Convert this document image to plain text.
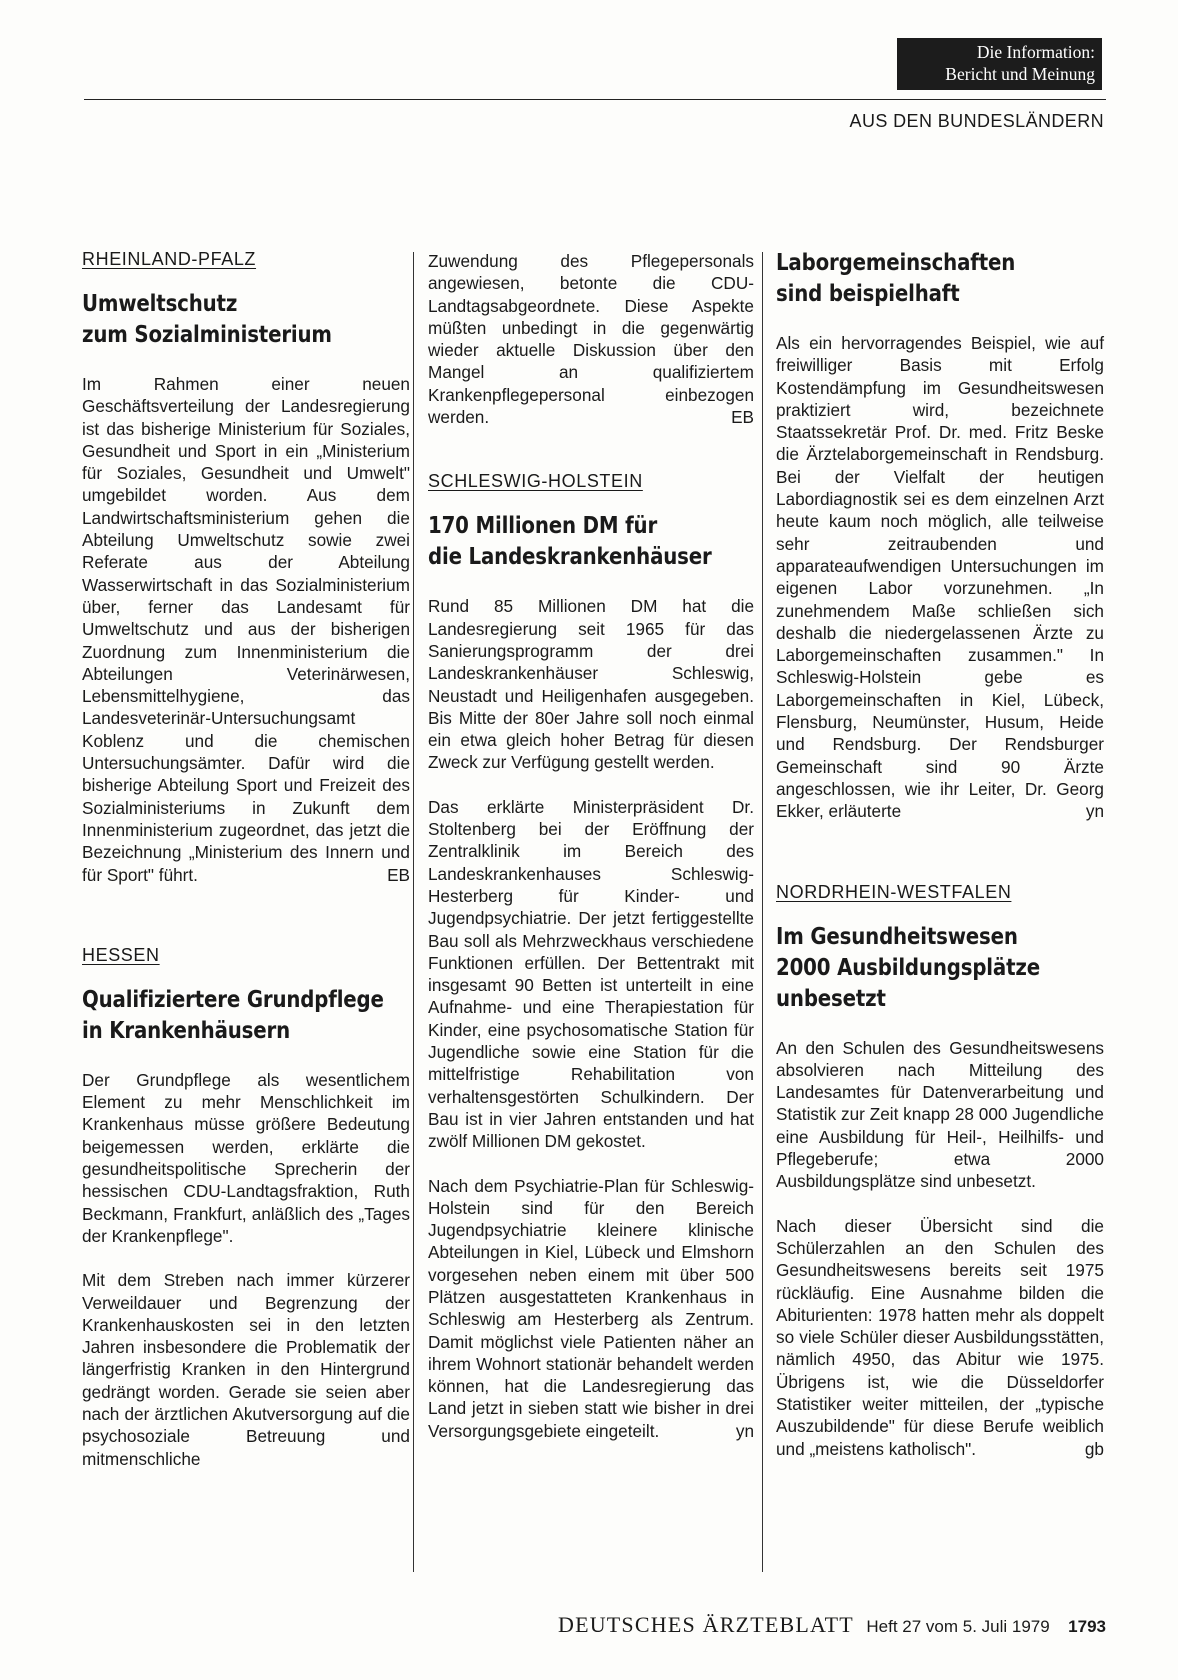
Die Information:
Bericht und Meinung
AUS DEN BUNDESLÄNDERN
RHEINLAND-PFALZ
Umweltschutz
zum Sozialministerium

Im Rahmen einer neuen Geschäftsverteilung der Landesregierung ist das bisherige Ministerium für Soziales, Gesundheit und Sport in ein „Ministerium für Soziales, Gesundheit und Umwelt" umgebildet worden. Aus dem Landwirtschaftsministerium gehen die Abteilung Umweltschutz sowie zwei Referate aus der Abteilung Wasserwirtschaft in das Sozialministerium über, ferner das Landesamt für Umweltschutz und aus der bisherigen Zuordnung zum Innenministerium die Abteilungen Veterinärwesen, Lebensmittelhygiene, das Landesveterinär-Untersuchungsamt Koblenz und die chemischen Untersuchungsämter. Dafür wird die bisherige Abteilung Sport und Freizeit des Sozialministeriums in Zukunft dem Innenministerium zugeordnet, das jetzt die Bezeichnung „Ministerium des Innern und für Sport" führt.	EB

HESSEN
Qualifiziertere Grundpflege
in Krankenhäusern

Der Grundpflege als wesentlichem Element zu mehr Menschlichkeit im Krankenhaus müsse größere Bedeutung beigemessen werden, erklärte die gesundheitspolitische Sprecherin der hessischen CDU-Landtagsfraktion, Ruth Beckmann, Frankfurt, anläßlich des „Tages der Krankenpflege".

Mit dem Streben nach immer kürzerer Verweildauer und Begrenzung der Krankenhauskosten sei in den letzten Jahren insbesondere die Problematik der längerfristig Kranken in den Hintergrund gedrängt worden. Gerade sie seien aber nach der ärztlichen Akutversorgung auf die psychosoziale Betreuung und mitmenschliche

Zuwendung des Pflegepersonals angewiesen, betonte die CDU-Landtagsabgeordnete. Diese Aspekte müßten unbedingt in die gegenwärtig wieder aktuelle Diskussion über den Mangel an qualifiziertem Krankenpflegepersonal einbezogen werden.	EB

SCHLESWIG-HOLSTEIN
170 Millionen DM für
die Landeskrankenhäuser

Rund 85 Millionen DM hat die Landesregierung seit 1965 für das Sanierungsprogramm der drei Landeskrankenhäuser Schleswig, Neustadt und Heiligenhafen ausgegeben. Bis Mitte der 80er Jahre soll noch einmal ein etwa gleich hoher Betrag für diesen Zweck zur Verfügung gestellt werden.

Das erklärte Ministerpräsident Dr. Stoltenberg bei der Eröffnung der Zentralklinik im Bereich des Landeskrankenhauses Schleswig-Hesterberg für Kinder- und Jugendpsychiatrie. Der jetzt fertiggestellte Bau soll als Mehrzweckhaus verschiedene Funktionen erfüllen. Der Bettentrakt mit insgesamt 90 Betten ist unterteilt in eine Aufnahme- und eine Therapiestation für Kinder, eine psychosomatische Station für Jugendliche sowie eine Station für die mittelfristige Rehabilitation von verhaltensgestörten Schulkindern. Der Bau ist in vier Jahren entstanden und hat zwölf Millionen DM gekostet.

Nach dem Psychiatrie-Plan für Schleswig-Holstein sind für den Bereich Jugendpsychiatrie kleinere klinische Abteilungen in Kiel, Lübeck und Elmshorn vorgesehen neben einem mit über 500 Plätzen ausgestatteten Krankenhaus in Schleswig am Hesterberg als Zentrum. Damit möglichst viele Patienten näher an ihrem Wohnort stationär behandelt werden können, hat die Landesregierung das Land jetzt in sieben statt wie bisher in drei Versorgungsgebiete eingeteilt.	yn

Laborgemeinschaften
sind beispielhaft

Als ein hervorragendes Beispiel, wie auf freiwilliger Basis mit Erfolg Kostendämpfung im Gesundheitswesen praktiziert wird, bezeichnete Staatssekretär Prof. Dr. med. Fritz Beske die Ärztelaborgemeinschaft in Rendsburg. Bei der Vielfalt der heutigen Labordiagnostik sei es dem einzelnen Arzt heute kaum noch möglich, alle teilweise sehr zeitraubenden und apparateaufwendigen Untersuchungen im eigenen Labor vorzunehmen. „In zunehmendem Maße schließen sich deshalb die niedergelassenen Ärzte zu Laborgemeinschaften zusammen." In Schleswig-Holstein gebe es Laborgemeinschaften in Kiel, Lübeck, Flensburg, Neumünster, Husum, Heide und Rendsburg. Der Rendsburger Gemeinschaft sind 90 Ärzte angeschlossen, wie ihr Leiter, Dr. Georg Ekker, erläuterte	yn

NORDRHEIN-WESTFALEN
Im Gesundheitswesen
2000 Ausbildungsplätze
unbesetzt

An den Schulen des Gesundheitswesens absolvieren nach Mitteilung des Landesamtes für Datenverarbeitung und Statistik zur Zeit knapp 28 000 Jugendliche eine Ausbildung für Heil-, Heilhilfs- und Pflegeberufe; etwa 2000 Ausbildungsplätze sind unbesetzt.

Nach dieser Übersicht sind die Schülerzahlen an den Schulen des Gesundheitswesens bereits seit 1975 rückläufig. Eine Ausnahme bilden die Abiturienten: 1978 hatten mehr als doppelt so viele Schüler dieser Ausbildungsstätten, nämlich 4950, das Abitur wie 1975. Übrigens ist, wie die Düsseldorfer Statistiker weiter mitteilen, der „typische Auszubildende" für diese Berufe weiblich und „meistens katholisch".	gb

DEUTSCHES ÄRZTEBLATT Heft 27 vom 5. Juli 1979 1793
